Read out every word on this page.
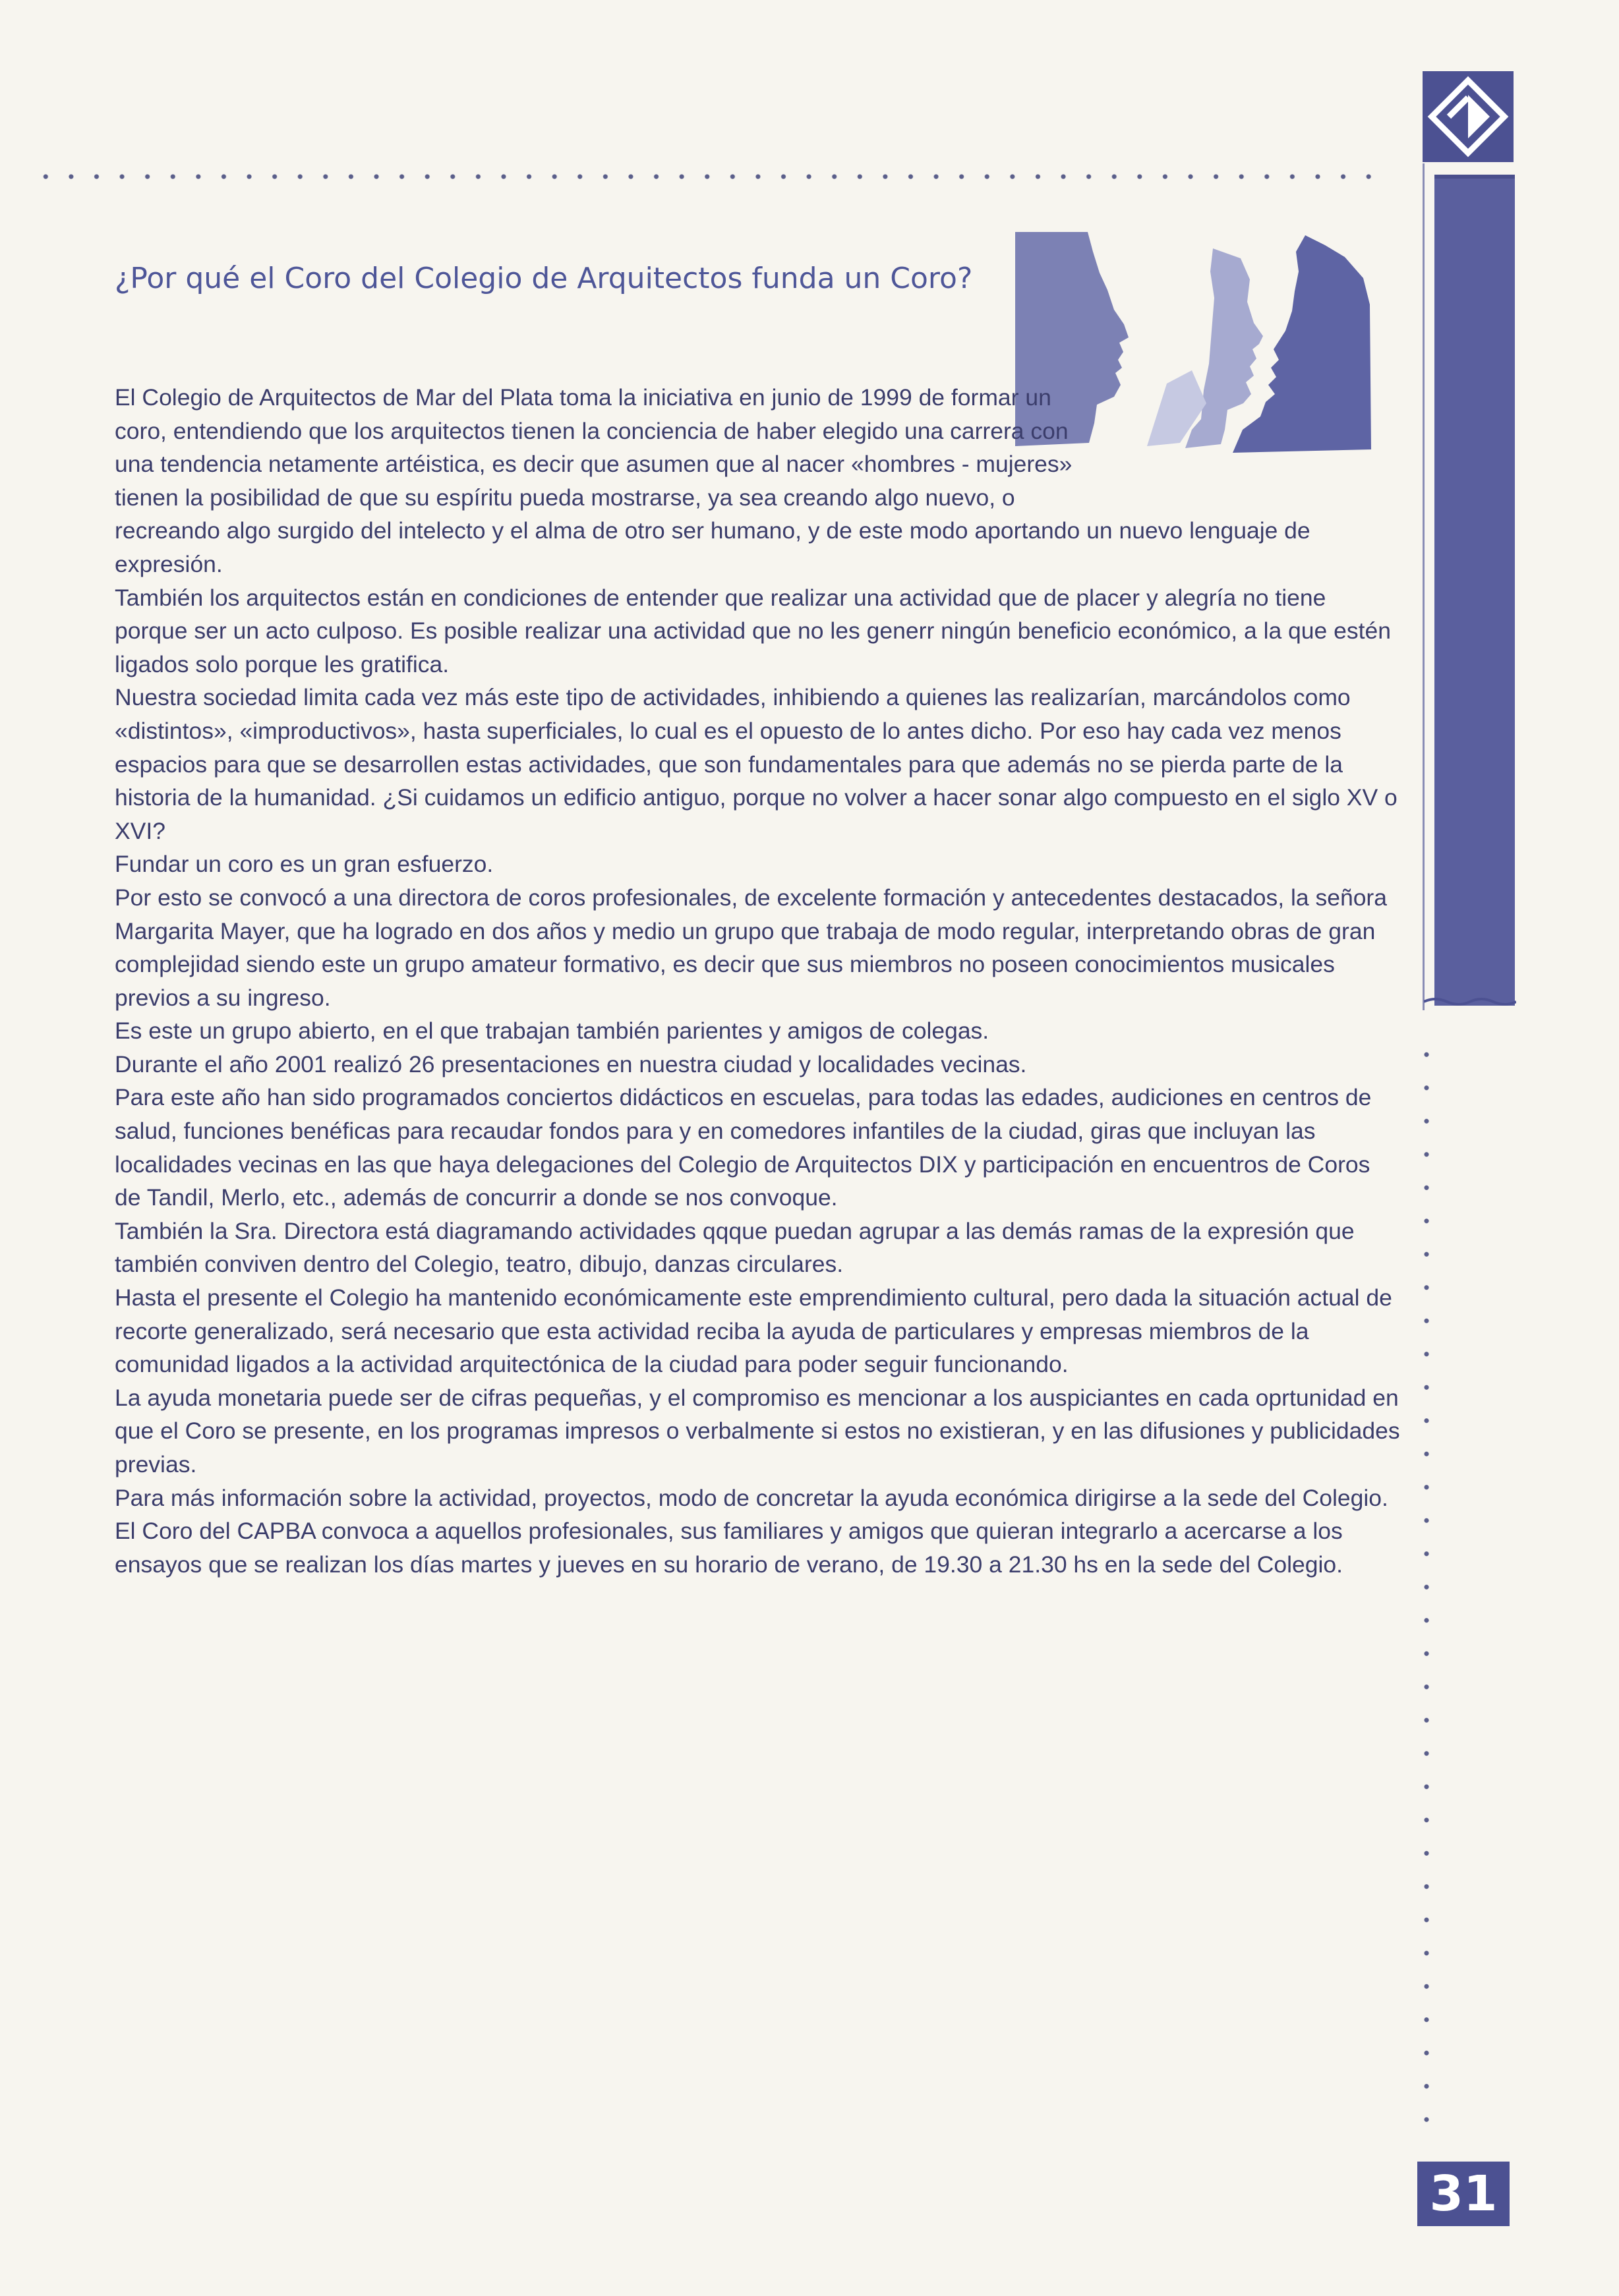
¿Por qué el Coro del Colegio de Arquitectos funda un Coro?

El Colegio de Arquitectos de Mar del Plata toma la iniciativa en junio de 1999 de formar un coro, entendiendo que los arquitectos tienen la conciencia de haber elegido una carrera con una tendencia netamente artéistica, es decir que asumen que al nacer «hombres - mujeres» tienen la posibilidad de que su espíritu pueda mostrarse, ya sea creando algo nuevo, o recreando algo surgido del intelecto y el alma de otro ser humano, y de este modo aportando un nuevo lenguaje de expresión.

También los arquitectos están en condiciones de entender que realizar una actividad que de placer y alegría no tiene porque ser un acto culposo. Es posible realizar una actividad que no les generr ningún beneficio económico, a la que estén ligados solo porque les gratifica.

Nuestra sociedad limita cada vez más este tipo de actividades, inhibiendo a quienes las realizarían, marcándolos como «distintos», «improductivos», hasta superficiales, lo cual es el opuesto de lo antes dicho. Por eso hay cada vez menos espacios para que se desarrollen estas actividades, que son fundamentales para que además no se pierda parte de la historia de la humanidad. ¿Si cuidamos un edificio antiguo, porque no volver a hacer sonar algo compuesto en el siglo XV o XVI?

Fundar un coro es un gran esfuerzo.

Por esto se convocó a una directora de coros profesionales, de excelente formación y antecedentes destacados, la señora Margarita Mayer, que ha logrado en dos años y medio un grupo que trabaja de modo regular, interpretando obras de gran complejidad siendo este un grupo amateur formativo, es decir que sus miembros no poseen conocimientos musicales previos a su ingreso.

Es este un grupo abierto, en el que trabajan también parientes y amigos de colegas.

Durante el año 2001 realizó 26 presentaciones en nuestra ciudad y localidades vecinas.

Para este año han sido programados conciertos didácticos en escuelas, para todas las edades, audiciones en centros de salud, funciones benéficas para recaudar fondos para y en comedores infantiles de la ciudad, giras que incluyan las localidades vecinas en las que haya delegaciones del Colegio de Arquitectos DIX y participación en encuentros de Coros de Tandil, Merlo, etc., además de concurrir a donde se nos convoque.

También la Sra. Directora está diagramando actividades qqque puedan agrupar a las demás ramas de la expresión que también conviven dentro del Colegio, teatro, dibujo, danzas circulares.

Hasta el presente el Colegio ha mantenido económicamente este emprendimiento cultural, pero dada la situación actual de recorte generalizado, será necesario que esta actividad reciba la ayuda de particulares y empresas miembros de la comunidad ligados a la actividad arquitectónica de la ciudad para poder seguir funcionando.

La ayuda monetaria puede ser de cifras pequeñas, y el compromiso es mencionar a los auspiciantes en cada oprtunidad en que el Coro se presente, en los programas impresos o verbalmente si estos no existieran, y en las difusiones y publicidades previas.

Para más información sobre la actividad, proyectos, modo de concretar la ayuda económica dirigirse a la sede del Colegio.

El Coro del CAPBA convoca a aquellos profesionales, sus familiares y amigos que quieran integrarlo a acercarse a los ensayos que se realizan los días martes y jueves en su horario de verano, de 19.30 a 21.30 hs en la sede del Colegio.

31
